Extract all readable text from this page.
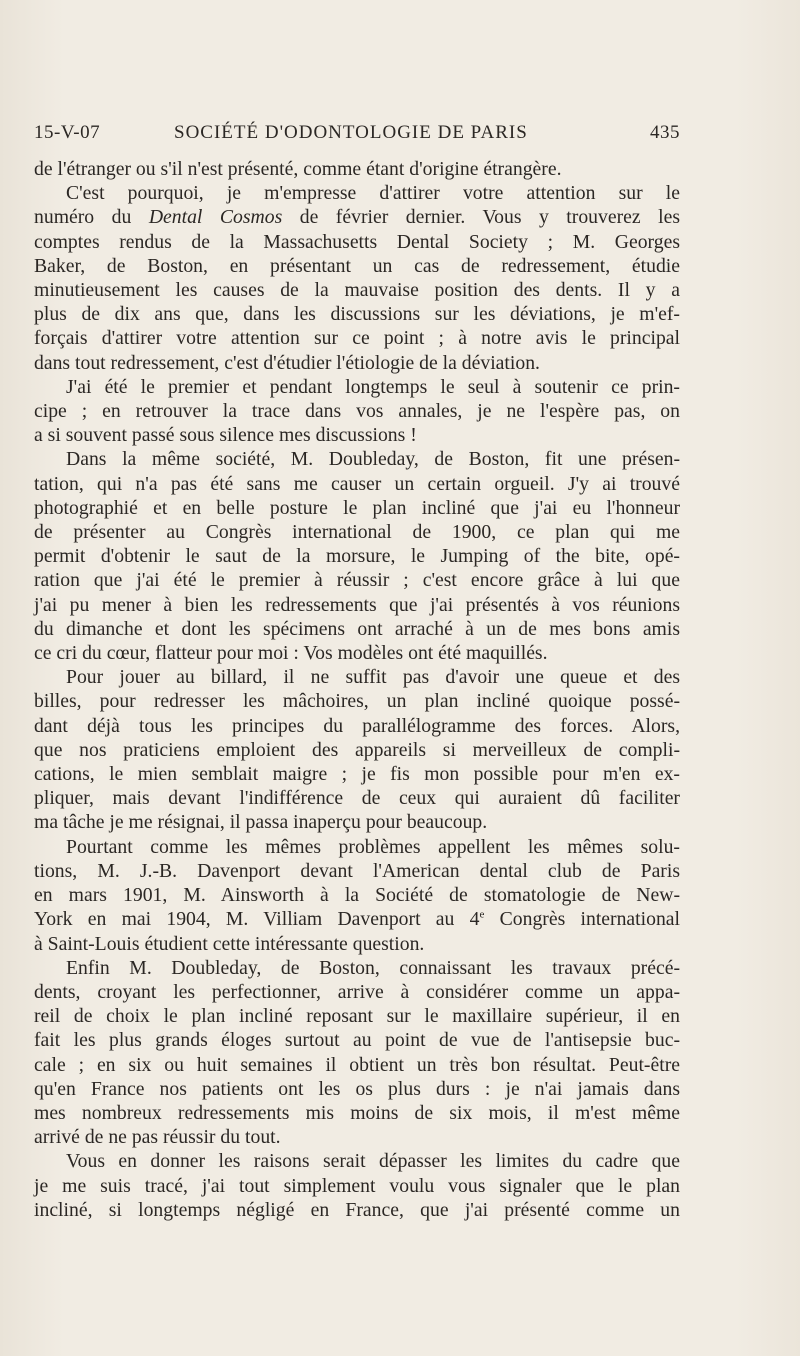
15-V-07	SOCIÉTÉ D'ODONTOLOGIE DE PARIS	435
de l'étranger ou s'il n'est présenté, comme étant d'origine étrangère.
C'est pourquoi, je m'empresse d'attirer votre attention sur le
numéro du Dental Cosmos de février dernier. Vous y trouverez les
comptes rendus de la Massachusetts Dental Society ; M. Georges
Baker, de Boston, en présentant un cas de redressement, étudie
minutieusement les causes de la mauvaise position des dents. Il y a
plus de dix ans que, dans les discussions sur les déviations, je m'ef-
forçais d'attirer votre attention sur ce point ; à notre avis le principal
dans tout redressement, c'est d'étudier l'étiologie de la déviation.
J'ai été le premier et pendant longtemps le seul à soutenir ce prin-
cipe ; en retrouver la trace dans vos annales, je ne l'espère pas, on
a si souvent passé sous silence mes discussions !
Dans la même société, M. Doubleday, de Boston, fit une présen-
tation, qui n'a pas été sans me causer un certain orgueil. J'y ai trouvé
photographié et en belle posture le plan incliné que j'ai eu l'honneur
de présenter au Congrès international de 1900, ce plan qui me
permit d'obtenir le saut de la morsure, le Jumping of the bite, opé-
ration que j'ai été le premier à réussir ; c'est encore grâce à lui que
j'ai pu mener à bien les redressements que j'ai présentés à vos réunions
du dimanche et dont les spécimens ont arraché à un de mes bons amis
ce cri du cœur, flatteur pour moi : Vos modèles ont été maquillés.
Pour jouer au billard, il ne suffit pas d'avoir une queue et des
billes, pour redresser les mâchoires, un plan incliné quoique possé-
dant déjà tous les principes du parallélogramme des forces. Alors,
que nos praticiens emploient des appareils si merveilleux de compli-
cations, le mien semblait maigre ; je fis mon possible pour m'en ex-
pliquer, mais devant l'indifférence de ceux qui auraient dû faciliter
ma tâche je me résignai, il passa inaperçu pour beaucoup.
Pourtant comme les mêmes problèmes appellent les mêmes solu-
tions, M. J.-B. Davenport devant l'American dental club de Paris
en mars 1901, M. Ainsworth à la Société de stomatologie de New-
York en mai 1904, M. Villiam Davenport au 4e Congrès international
à Saint-Louis étudient cette intéressante question.
Enfin M. Doubleday, de Boston, connaissant les travaux précé-
dents, croyant les perfectionner, arrive à considérer comme un appa-
reil de choix le plan incliné reposant sur le maxillaire supérieur, il en
fait les plus grands éloges surtout au point de vue de l'antisepsie buc-
cale ; en six ou huit semaines il obtient un très bon résultat. Peut-être
qu'en France nos patients ont les os plus durs : je n'ai jamais dans
mes nombreux redressements mis moins de six mois, il m'est même
arrivé de ne pas réussir du tout.
Vous en donner les raisons serait dépasser les limites du cadre que
je me suis tracé, j'ai tout simplement voulu vous signaler que le plan
incliné, si longtemps négligé en France, que j'ai présenté comme un
